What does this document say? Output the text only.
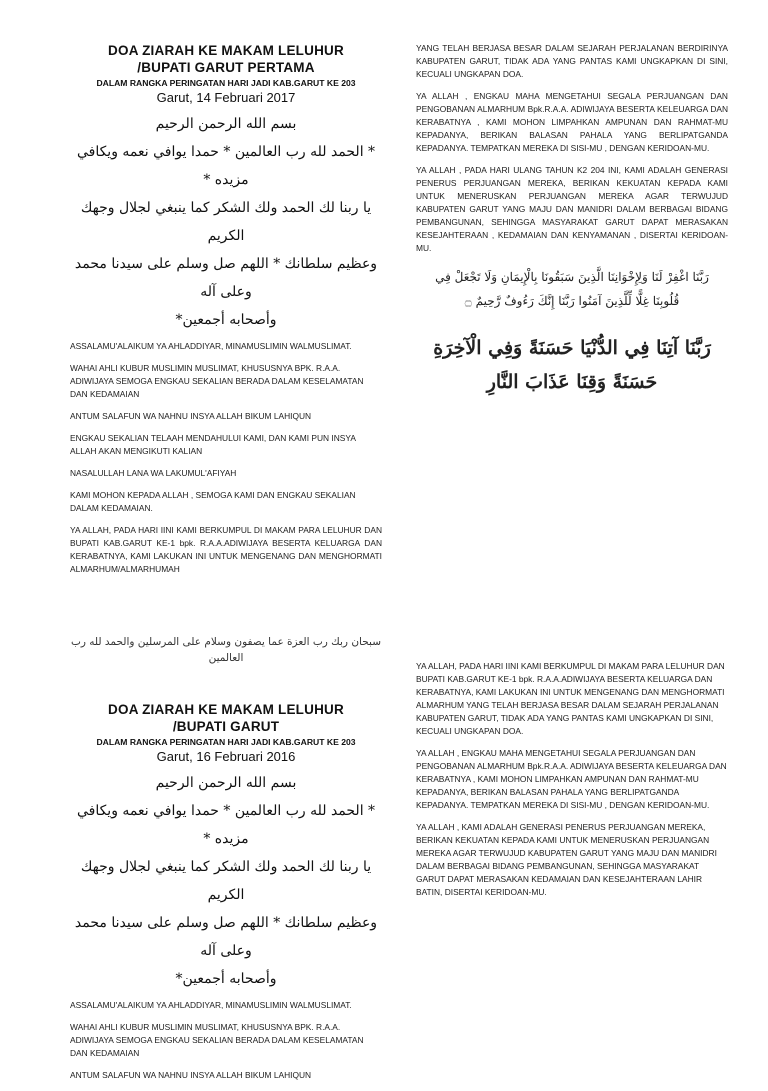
DOA ZIARAH KE MAKAM LELUHUR
/BUPATI GARUT PERTAMA
DALAM RANGKA PERINGATAN HARI JADI KAB.GARUT KE 203
Garut, 14 Februari 2017
بسم الله الرحمن الرحيم
* الحمد لله رب العالمين * حمدا يوافي نعمه ويكافي مزيده *
يا ربنا لك الحمد ولك الشكر كما ينبغي لجلال وجهك الكريم
وعظيم سلطانك * اللهم صل وسلم على سيدنا محمد وعلى آله
وأصحابه أجمعين*

ASSALAMU'ALAIKUM YA AHLADDIYAR, MINAMUSLIMIN WALMUSLIMAT.

WAHAI AHLI KUBUR MUSLIMIN MUSLIMAT, KHUSUSNYA BPK. R.A.A. ADIWIJAYA SEMOGA ENGKAU SEKALIAN BERADA DALAM KESELAMATAN DAN KEDAMAIAN

ANTUM SALAFUN WA NAHNU INSYA ALLAH BIKUM LAHIQUN

ENGKAU SEKALIAN TELAAH MENDAHULUI KAMI, DAN KAMI PUN INSYA ALLAH AKAN MENGIKUTI KALIAN

NASALULLAH LANA WA LAKUMUL'AFIYAH

KAMI MOHON KEPADA ALLAH , SEMOGA KAMI DAN ENGKAU SEKALIAN DALAM KEDAMAIAN.

YA ALLAH, PADA HARI IINI KAMI BERKUMPUL DI MAKAM PARA LELUHUR DAN BUPATI KAB.GARUT KE-1 bpk. R.A.A.ADIWIJAYA BESERTA KELUARGA DAN KERABATNYA, KAMI LAKUKAN INI UNTUK MENGENANG DAN MENGHORMATI ALMARHUM/ALMARHUMAH

YANG TELAH BERJASA BESAR DALAM SEJARAH PERJALANAN BERDIRINYA KABUPATEN GARUT, TIDAK ADA YANG PANTAS KAMI UNGKAPKAN DI SINI, KECUALI UNGKAPAN DOA.

YA ALLAH , ENGKAU MAHA MENGETAHUI SEGALA PERJUANGAN DAN PENGOBANAN ALMARHUM Bpk.R.A.A. ADIWIJAYA BESERTA KELEUARGA DAN KERABATNYA , KAMI MOHON LIMPAHKAN AMPUNAN DAN RAHMAT-MU KEPADANYA, BERIKAN BALASAN PAHALA YANG BERLIPATGANDA KEPADANYA. TEMPATKAN MEREKA DI SISI-MU , DENGAN KERIDOAN-MU.

YA ALLAH , PADA HARI ULANG TAHUN K2 204 INI, KAMI ADALAH GENERASI PENERUS PERJUANGAN MEREKA, BERIKAN KEKUATAN KEPADA KAMI UNTUK MENERUSKAN PERJUANGAN MEREKA AGAR TERWUJUD KABUPATEN GARUT YANG MAJU DAN MANIDRI DALAM BERBAGAI BIDANG PEMBANGUNAN, SEHINGGA MASYARAKAT GARUT DAPAT MERASAKAN KESEJAHTERAAN , KEDAMAIAN DAN KENYAMANAN , DISERTAI KERIDOAN-MU.

رَبَّنَا اغْفِرْ لَنَا وَلِإِخْوَانِنَا الَّذِينَ سَبَقُونَا بِالْإِيمَانِ وَلَا تَجْعَلْ فِي
قُلُوبِنَا غِلًّا لِّلَّذِينَ آمَنُوا رَبَّنَا إِنَّكَ رَءُوفٌ رَّحِيمٌ ۝
رَبَّنَا آتِنَا فِي الدُّنْيَا حَسَنَةً وَفِي الْآخِرَةِ
حَسَنَةً وَقِنَا عَذَابَ النَّارِ
سبحان ربك رب العزة عما يصفون وسلام على المرسلين والحمد لله رب العالمين
DOA ZIARAH KE MAKAM LELUHUR
/BUPATI GARUT
DALAM RANGKA PERINGATAN HARI JADI KAB.GARUT KE 203
Garut, 16 Februari 2016
بسم الله الرحمن الرحيم
* الحمد لله رب العالمين * حمدا يوافي نعمه ويكافي مزيده *
يا ربنا لك الحمد ولك الشكر كما ينبغي لجلال وجهك الكريم
وعظيم سلطانك * اللهم صل وسلم على سيدنا محمد وعلى آله
وأصحابه أجمعين*

ASSALAMU'ALAIKUM YA AHLADDIYAR, MINAMUSLIMIN WALMUSLIMAT.

WAHAI AHLI KUBUR MUSLIMIN MUSLIMAT, KHUSUSNYA BPK. R.A.A. ADIWIJAYA SEMOGA ENGKAU SEKALIAN BERADA DALAM KESELAMATAN DAN KEDAMAIAN

ANTUM SALAFUN WA NAHNU INSYA ALLAH BIKUM LAHIQUN

YA ALLAH, PADA HARI IINI KAMI BERKUMPUL DI MAKAM PARA LELUHUR DAN BUPATI KAB.GARUT KE-1 bpk. R.A.A.ADIWIJAYA BESERTA KELUARGA DAN KERABATNYA, KAMI LAKUKAN INI UNTUK MENGENANG DAN MENGHORMATI ALMARHUM YANG TELAH BERJASA BESAR DALAM SEJARAH PERJALANAN KABUPATEN GARUT, TIDAK ADA YANG PANTAS KAMI UNGKAPKAN DI SINI, KECUALI UNGKAPAN DOA.

YA ALLAH , ENGKAU MAHA MENGETAHUI SEGALA PERJUANGAN DAN PENGOBANAN ALMARHUM Bpk.R.A.A. ADIWIJAYA BESERTA KELEUARGA DAN KERABATNYA , KAMI MOHON LIMPAHKAN AMPUNAN DAN RAHMAT-MU KEPADANYA, BERIKAN BALASAN PAHALA YANG BERLIPATGANDA KEPADANYA. TEMPATKAN MEREKA DI SISI-MU , DENGAN KERIDOAN-MU.

YA ALLAH , KAMI ADALAH GENERASI PENERUS PERJUANGAN MEREKA, BERIKAN KEKUATAN KEPADA KAMI UNTUK MENERUSKAN PERJUANGAN MEREKA AGAR TERWUJUD KABUPATEN GARUT YANG MAJU DAN MANIDRI DALAM BERBAGAI BIDANG PEMBANGUNAN, SEHINGGA MASYARAKAT GARUT DAPAT MERASAKAN KEDAMAIAN DAN KESEJAHTERAAN LAHIR BATIN, DISERTAI KERIDOAN-MU.
